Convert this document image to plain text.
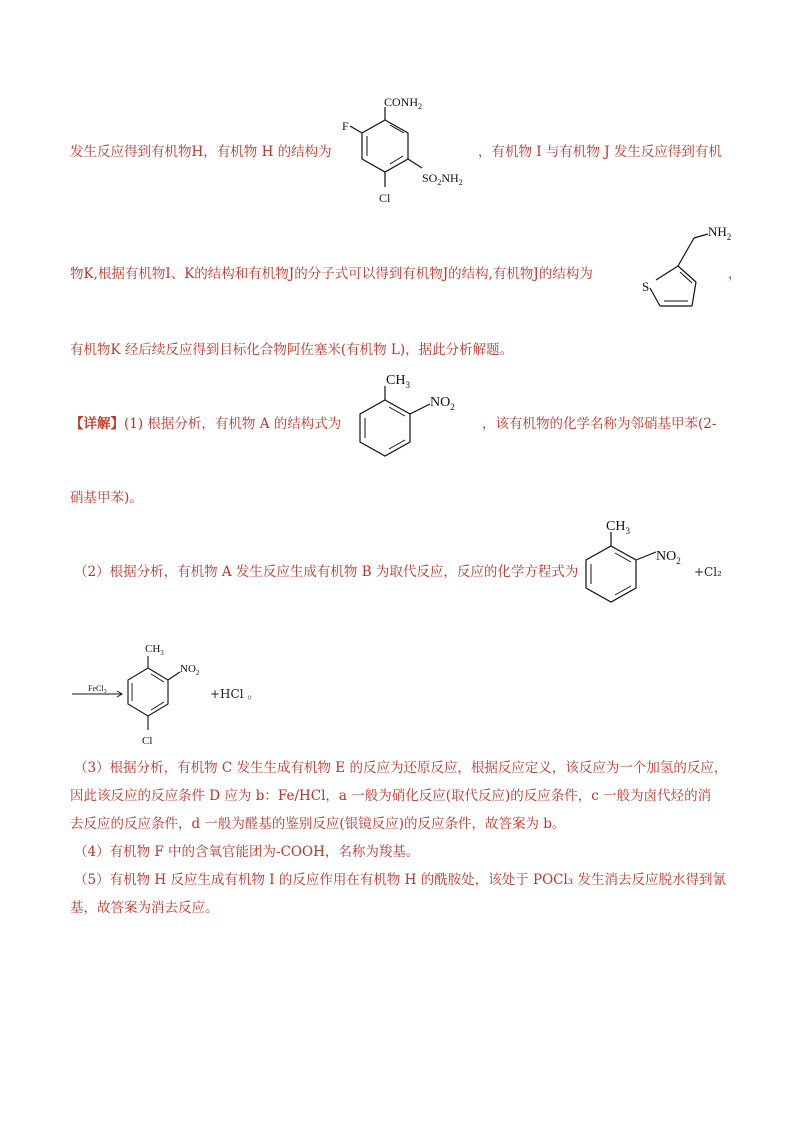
发生反应得到有机物H，有机物 H 的结构为
$CONH_2$
F
$SO_2NH_2$
Cl
，有机物 I 与有机物 J 发生反应得到有机
物K,根据有机物I、K的结构和有机物J的分子式可以得到有机物J的结构,有机物J的结构为
$NH_2$
S
，
有机物K 经后续反应得到目标化合物阿佐塞米(有机物 L)，据此分析解题。
【详解】(1) 根据分析，有机物 A 的结构式为
$CH_3$
$NO_2$
，该有机物的化学名称为邻硝基甲苯(2-
硝基甲苯)。
（2）根据分析，有机物 A 发生反应生成有机物 B 为取代反应，反应的化学方程式为
$CH_3$
$NO_2$
+Cl₂
FeCl$_3$
$CH_3$
$NO_2$
Cl
+HCl 。
（3）根据分析，有机物 C 发生生成有机物 E 的反应为还原反应，根据反应定义，该反应为一个加氢的反应，
因此该反应的反应条件 D 应为 b：Fe/HCl，a 一般为硝化反应(取代反应)的反应条件，c 一般为卤代烃的消
去反应的反应条件，d 一般为醛基的鉴别反应(银镜反应)的反应条件，故答案为 b。
（4）有机物 F 中的含氧官能团为-COOH，名称为羧基。
（5）有机物 H 反应生成有机物 I 的反应作用在有机物 H 的酰胺处，该处于 POCl₃ 发生消去反应脱水得到氰
基，故答案为消去反应。
